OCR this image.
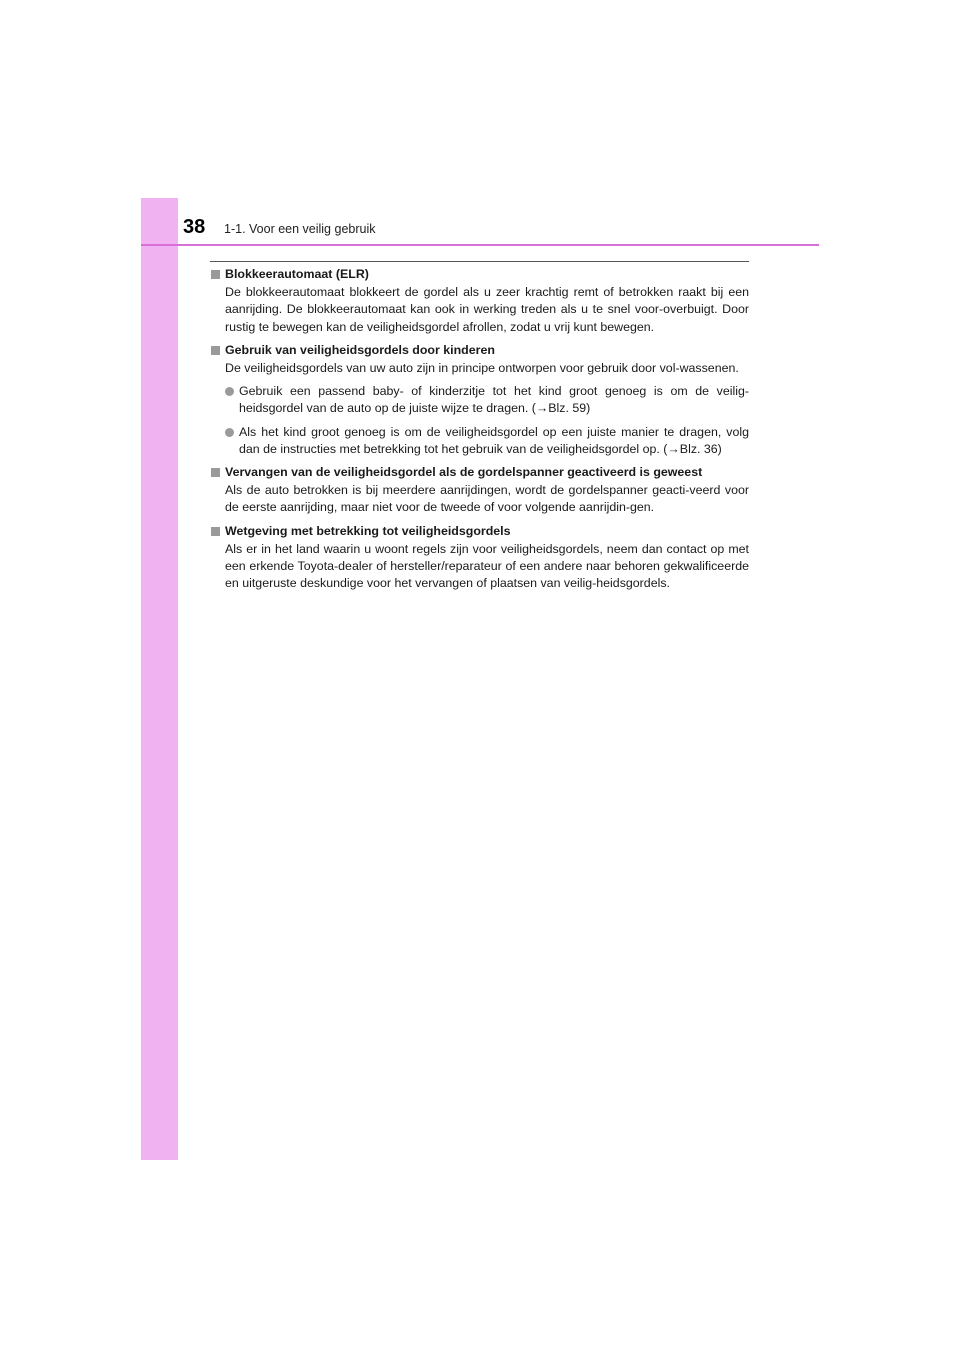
38 1-1. Voor een veilig gebruik
Blokkeerautomaat (ELR)
De blokkeerautomaat blokkeert de gordel als u zeer krachtig remt of betrokken raakt bij een aanrijding. De blokkeerautomaat kan ook in werking treden als u te snel voor-overbuigt. Door rustig te bewegen kan de veiligheidsgordel afrollen, zodat u vrij kunt bewegen.
Gebruik van veiligheidsgordels door kinderen
De veiligheidsgordels van uw auto zijn in principe ontworpen voor gebruik door vol-wassenen.
Gebruik een passend baby- of kinderzitje tot het kind groot genoeg is om de veilig-heidsgordel van de auto op de juiste wijze te dragen. (→Blz. 59)
Als het kind groot genoeg is om de veiligheidsgordel op een juiste manier te dragen, volg dan de instructies met betrekking tot het gebruik van de veiligheidsgordel op. (→Blz. 36)
Vervangen van de veiligheidsgordel als de gordelspanner geactiveerd is geweest
Als de auto betrokken is bij meerdere aanrijdingen, wordt de gordelspanner geacti-veerd voor de eerste aanrijding, maar niet voor de tweede of voor volgende aanrijdin-gen.
Wetgeving met betrekking tot veiligheidsgordels
Als er in het land waarin u woont regels zijn voor veiligheidsgordels, neem dan contact op met een erkende Toyota-dealer of hersteller/reparateur of een andere naar behoren gekwalificeerde en uitgeruste deskundige voor het vervangen of plaatsen van veilig-heidsgordels.
